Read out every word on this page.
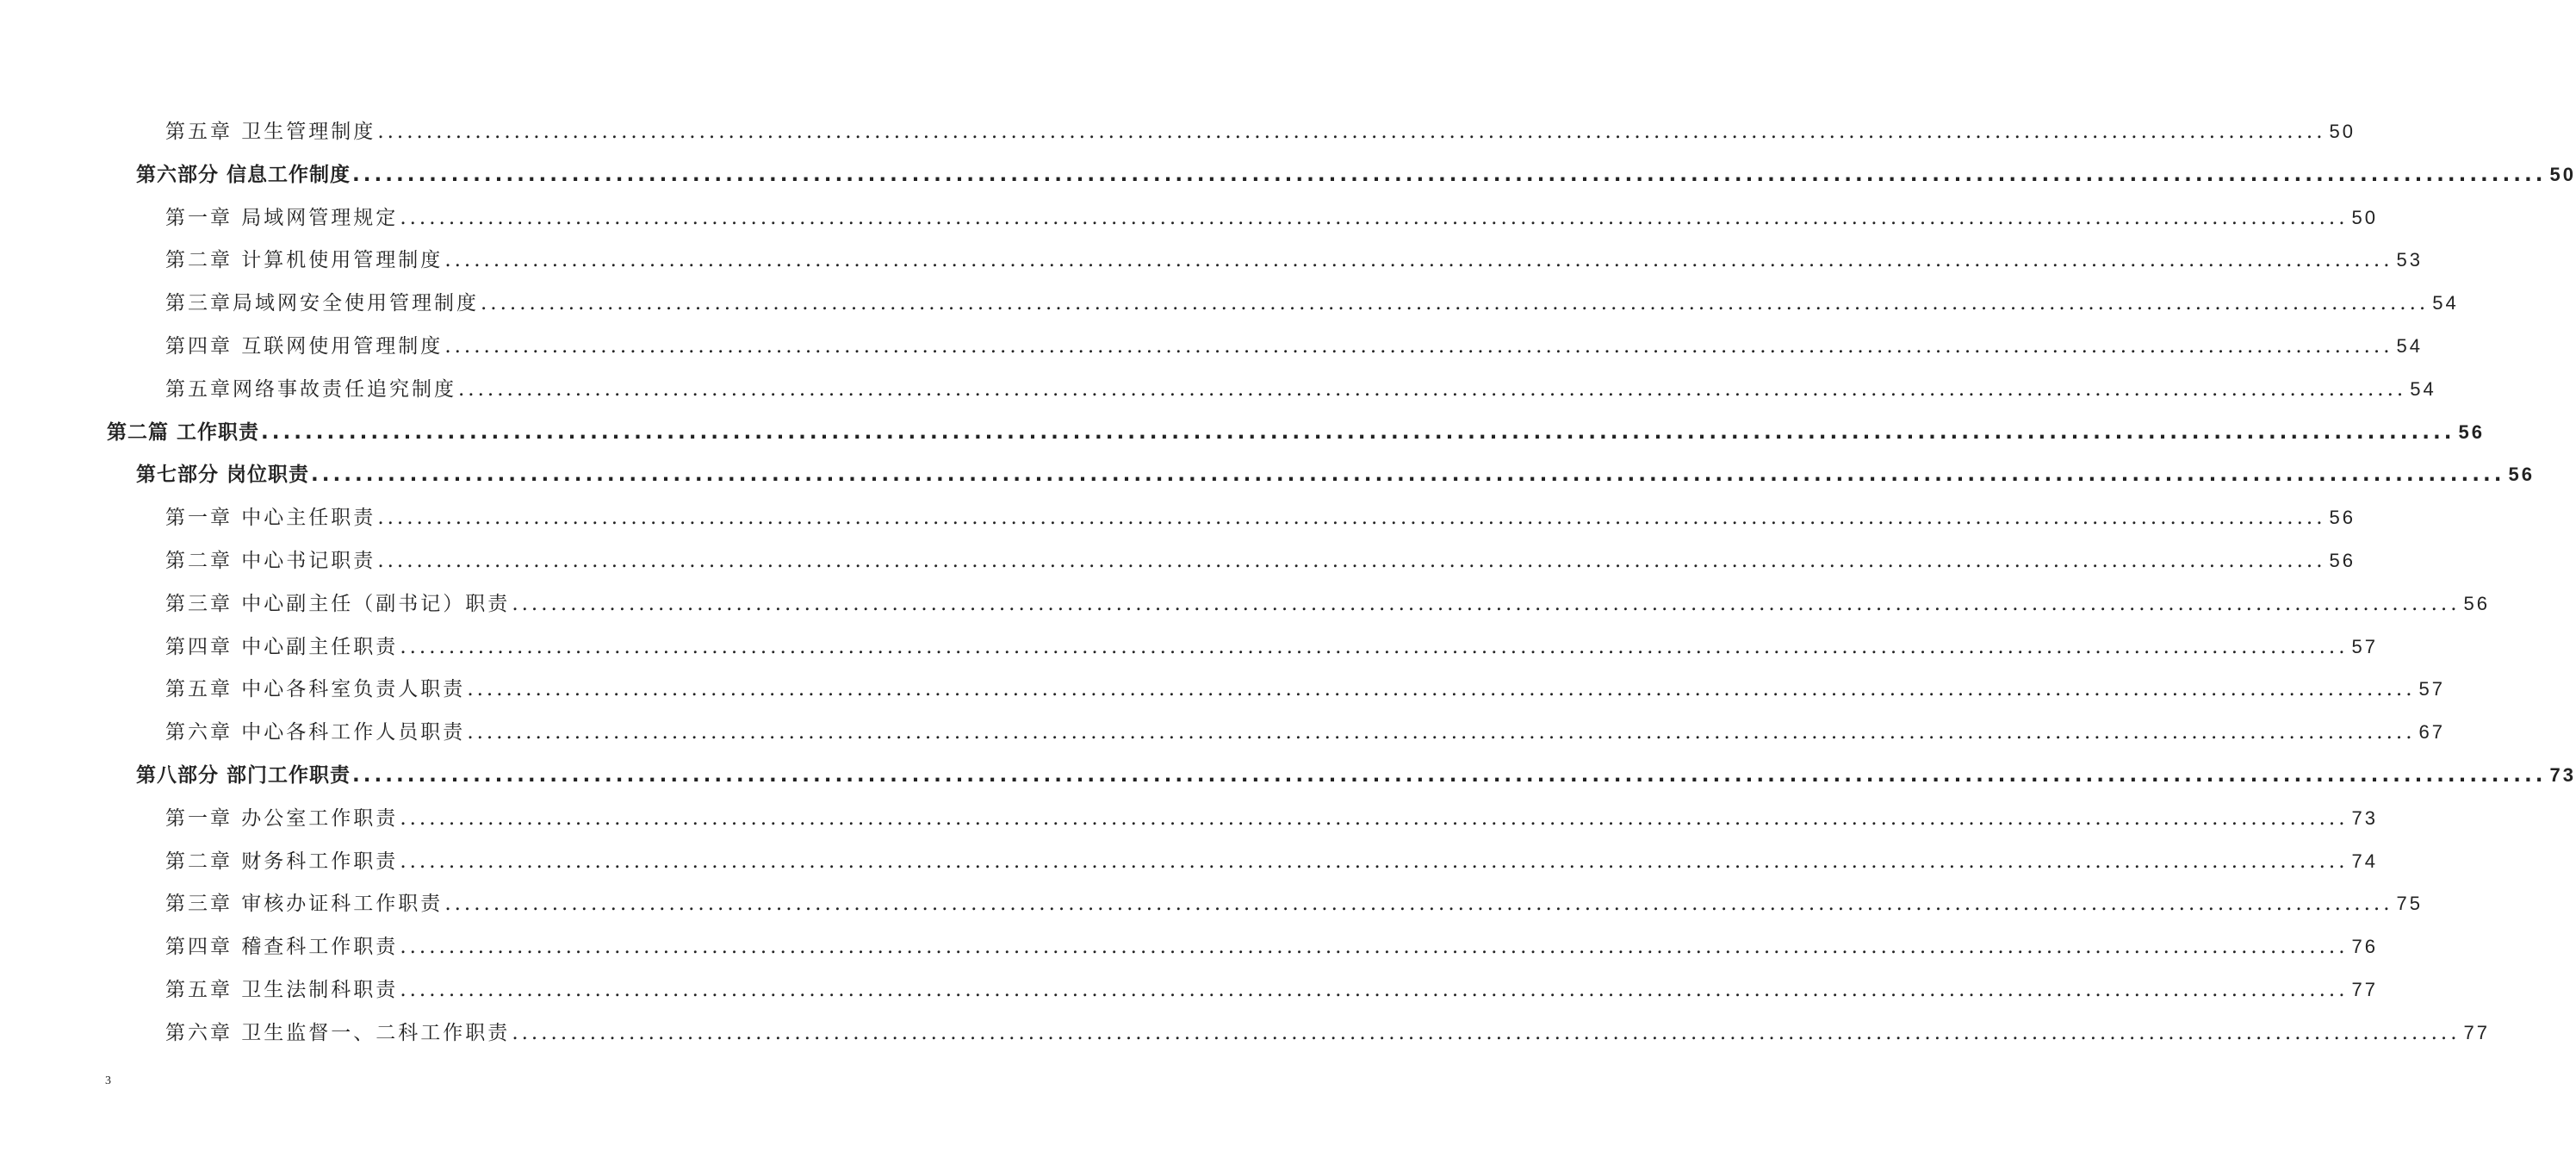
第五章 卫生管理制度 ........................................................................................................................................................................................................ 50
第六部分 信息工作制度 ........................................................................................................................................................................................................ 50
第一章 局域网管理规定 ........................................................................................................................................................................................................ 50
第二章 计算机使用管理制度 ........................................................................................................................................................................................................ 53
第三章局域网安全使用管理制度 ........................................................................................................................................................................................................ 54
第四章 互联网使用管理制度 ........................................................................................................................................................................................................ 54
第五章网络事故责任追究制度 ........................................................................................................................................................................................................ 54
第二篇 工作职责 ........................................................................................................................................................................................................ 56
第七部分 岗位职责 ........................................................................................................................................................................................................ 56
第一章 中心主任职责 ........................................................................................................................................................................................................ 56
第二章 中心书记职责 ........................................................................................................................................................................................................ 56
第三章 中心副主任（副书记）职责 ........................................................................................................................................................................................................ 56
第四章 中心副主任职责 ........................................................................................................................................................................................................ 57
第五章 中心各科室负责人职责 ........................................................................................................................................................................................................ 57
第六章 中心各科工作人员职责 ........................................................................................................................................................................................................ 67
第八部分 部门工作职责 ........................................................................................................................................................................................................ 73
第一章 办公室工作职责 ........................................................................................................................................................................................................ 73
第二章 财务科工作职责 ........................................................................................................................................................................................................ 74
第三章 审核办证科工作职责 ........................................................................................................................................................................................................ 75
第四章 稽查科工作职责 ........................................................................................................................................................................................................ 76
第五章 卫生法制科职责 ........................................................................................................................................................................................................ 77
第六章 卫生监督一、二科工作职责 ........................................................................................................................................................................................................ 77
3
